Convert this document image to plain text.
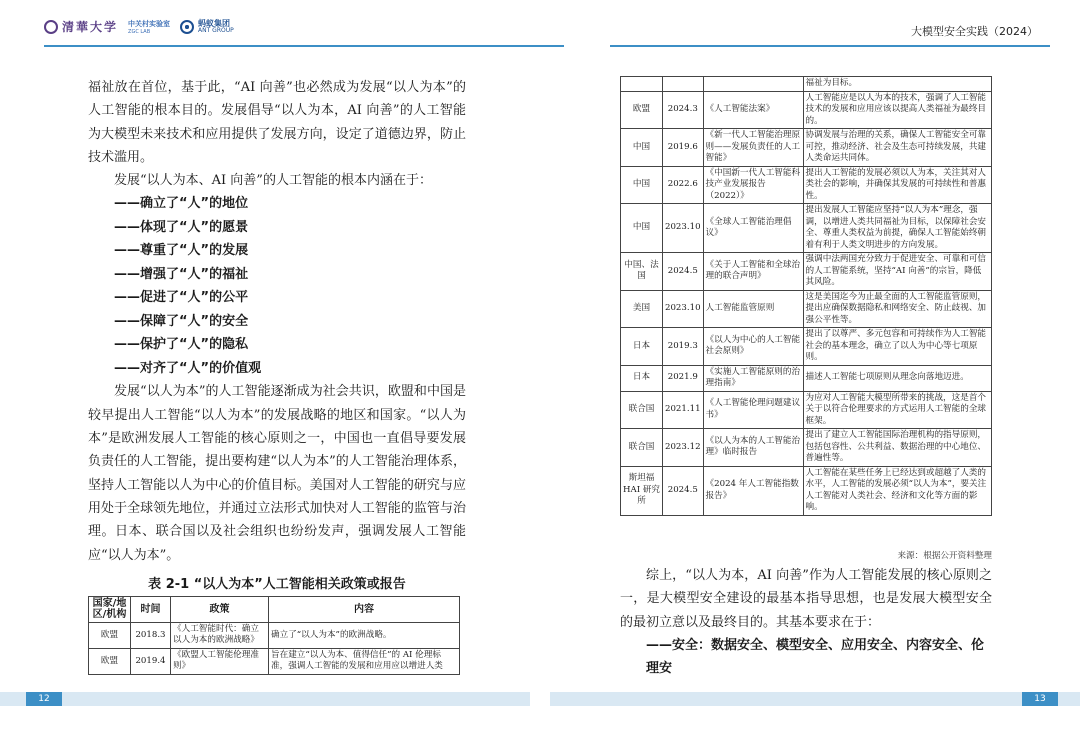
清華大学 中关村实验室
ZGC LAB
蚂蚁集团
ANT GROUP	大模型安全实践（2024）

福祉放在首位，基于此，“AI 向善”也必然成为发展“以人为本”的人工智能的根本目的。发展倡导“以人为本，AI 向善”的人工智能为大模型未来技术和应用提供了发展方向，设定了道德边界，防止技术滥用。

发展“以人为本、AI 向善”的人工智能的根本内涵在于：

——确立了“人”的地位
——体现了“人”的愿景
——尊重了“人”的发展
——增强了“人”的福祉
——促进了“人”的公平
——保障了“人”的安全
——保护了“人”的隐私
——对齐了“人”的价值观

发展“以人为本”的人工智能逐渐成为社会共识，欧盟和中国是较早提出人工智能“以人为本”的发展战略的地区和国家。“以人为本”是欧洲发展人工智能的核心原则之一，中国也一直倡导要发展负责任的人工智能，提出要构建“以人为本”的人工智能治理体系，坚持人工智能以人为中心的价值目标。美国对人工智能的研究与应用处于全球领先地位，并通过立法形式加快对人工智能的监管与治理。日本、联合国以及社会组织也纷纷发声，强调发展人工智能应“以人为本”。

表 2-1 “以人为本”人工智能相关政策或报告
国家/地区/机构	时间	政策	内容
欧盟	2018.3	《人工智能时代：确立以人为本的欧洲战略》	确立了“以人为本”的欧洲战略。
欧盟	2019.4	《欧盟人工智能伦理准则》	旨在建立“以人为本、值得信任”的 AI 伦理标准，强调人工智能的发展和应用应以增进人类
			福祉为目标。
欧盟	2024.3	《人工智能法案》	人工智能应是以人为本的技术，强调了人工智能技术的发展和应用应该以提高人类福祉为最终目的。
中国	2019.6	《新一代人工智能治理原则——发展负责任的人工智能》	协调发展与治理的关系，确保人工智能安全可靠可控，推动经济、社会及生态可持续发展，共建人类命运共同体。
中国	2022.6	《中国新一代人工智能科技产业发展报告（2022）》	提出人工智能的发展必须以人为本，关注其对人类社会的影响，并确保其发展的可持续性和普惠性。
中国	2023.10	《全球人工智能治理倡议》	提出发展人工智能应坚持“以人为本”理念，强调，以增进人类共同福祉为目标，以保障社会安全、尊重人类权益为前提，确保人工智能始终朝着有利于人类文明进步的方向发展。
中国、法国	2024.5	《关于人工智能和全球治理的联合声明》	强调中法两国充分致力于促进安全、可靠和可信的人工智能系统，坚持“AI 向善”的宗旨，降低其风险。
美国	2023.10	人工智能监管原则	这是美国迄今为止最全面的人工智能监管原则，提出应确保数据隐私和网络安全、防止歧视、加强公平性等。
日本	2019.3	《以人为中心的人工智能社会原则》	提出了以尊严、多元包容和可持续作为人工智能社会的基本理念，确立了以人为中心等七项原则。
日本	2021.9	《实施人工智能原则的治理指南》	描述人工智能七项原则从理念向落地迈进。
联合国	2021.11	《人工智能伦理问题建议书》	为应对人工智能大模型所带来的挑战，这是首个关于以符合伦理要求的方式运用人工智能的全球框架。
联合国	2023.12	《以人为本的人工智能治理》临时报告	提出了建立人工智能国际治理机构的指导原则，包括包容性、公共利益、数据治理的中心地位、普遍性等。
斯坦福 HAI 研究所	2024.5	《2024 年人工智能指数报告》	人工智能在某些任务上已经达到或超越了人类的水平，人工智能的发展必须“以人为本”，要关注人工智能对人类社会、经济和文化等方面的影响。
来源：根据公开资料整理

综上，“以人为本，AI 向善”作为人工智能发展的核心原则之一，是大模型安全建设的最基本指导思想，也是发展大模型安全的最初立意以及最终目的。其基本要求在于：

——安全：数据安全、模型安全、应用安全、内容安全、伦理安
12	13
